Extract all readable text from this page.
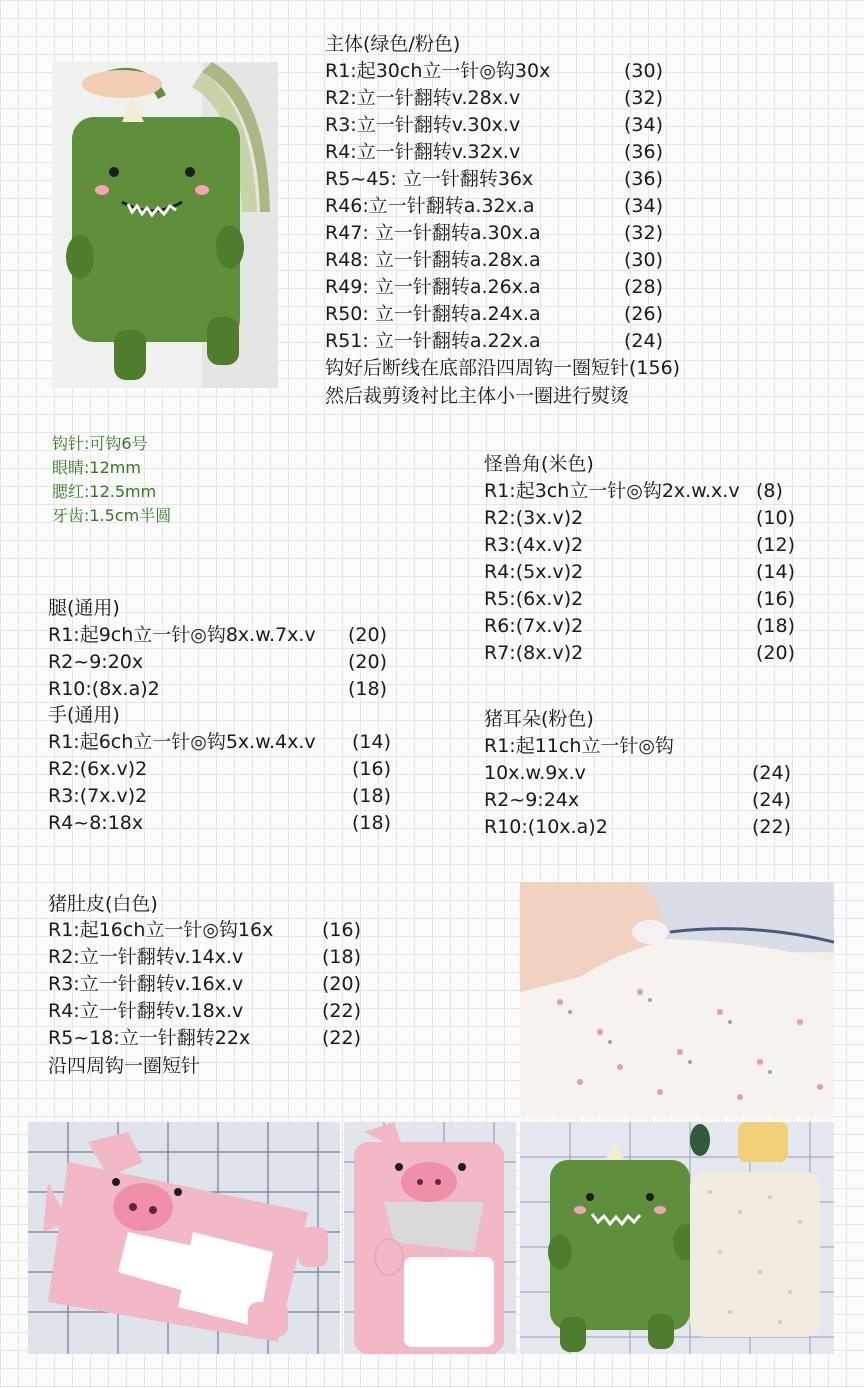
主体(绿色/粉色)
R1:起30ch立一针◎钩30x	(30)
R2:立一针翻转v.28x.v	(32)
R3:立一针翻转v.30x.v	(34)
R4:立一针翻转v.32x.v	(36)
R5~45: 立一针翻转36x	(36)
R46:立一针翻转a.32x.a	(34)
R47: 立一针翻转a.30x.a	(32)
R48: 立一针翻转a.28x.a	(30)
R49: 立一针翻转a.26x.a	(28)
R50: 立一针翻转a.24x.a	(26)
R51: 立一针翻转a.22x.a	(24)
钩好后断线在底部沿四周钩一圈短针(156)
然后裁剪烫衬比主体小一圈进行熨烫
钩针:可钩6号
眼睛:12mm
腮红:12.5mm
牙齿:1.5cm半圆
怪兽角(米色)
R1:起3ch立一针◎钩2x.w.x.v (8)
R2:(3x.v)2	(10)
R3:(4x.v)2	(12)
R4:(5x.v)2	(14)
R5:(6x.v)2	(16)
R6:(7x.v)2	(18)
R7:(8x.v)2	(20)
腿(通用)
R1:起9ch立一针◎钩8x.w.7x.v (20)
R2~9:20x	(20)
R10:(8x.a)2	(18)
手(通用)
R1:起6ch立一针◎钩5x.w.4x.v (14)
R2:(6x.v)2	(16)
R3:(7x.v)2	(18)
R4~8:18x	(18)
猪耳朵(粉色)
R1:起11ch立一针◎钩
10x.w.9x.v	(24)
R2~9:24x	(24)
R10:(10x.a)2	(22)
猪肚皮(白色)
R1:起16ch立一针◎钩16x	(16)
R2:立一针翻转v.14x.v	(18)
R3:立一针翻转v.16x.v	(20)
R4:立一针翻转v.18x.v	(22)
R5~18:立一针翻转22x	(22)
沿四周钩一圈短针
